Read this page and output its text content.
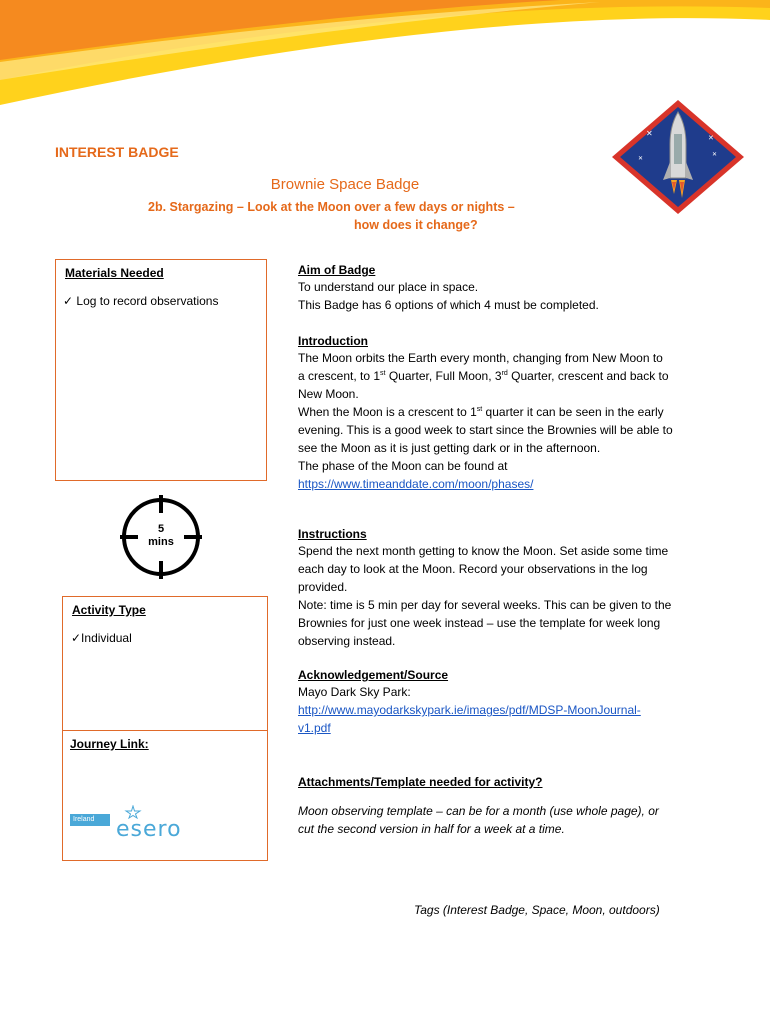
✕	✕
✕
✕
INTEREST BADGE
Brownie Space Badge
2b. Stargazing – Look at the Moon over a few days or nights –
how does it change?
Materials Needed
✓ Log to record observations
5
mins
Activity Type
✓Individual
Journey Link:
Ireland esero
Aim of Badge
To understand our place in space.
This Badge has 6 options of which 4 must be completed.
Introduction
The Moon orbits the Earth every month, changing from New Moon to
a crescent, to 1st Quarter, Full Moon, 3rd Quarter, crescent and back to
New Moon.
When the Moon is a crescent to 1st quarter it can be seen in the early
evening. This is a good week to start since the Brownies will be able to
see the Moon as it is just getting dark or in the afternoon.
The phase of the Moon can be found at
https://www.timeanddate.com/moon/phases/
Instructions
Spend the next month getting to know the Moon. Set aside some time
each day to look at the Moon. Record your observations in the log
provided.
Note: time is 5 min per day for several weeks. This can be given to the
Brownies for just one week instead – use the template for week long
observing instead.
Acknowledgement/Source
Mayo Dark Sky Park:
http://www.mayodarkskypark.ie/images/pdf/MDSP-MoonJournal-
v1.pdf
Attachments/Template needed for activity?
Moon observing template – can be for a month (use whole page), or
cut the second version in half for a week at a time.
Tags (Interest Badge, Space, Moon, outdoors)
